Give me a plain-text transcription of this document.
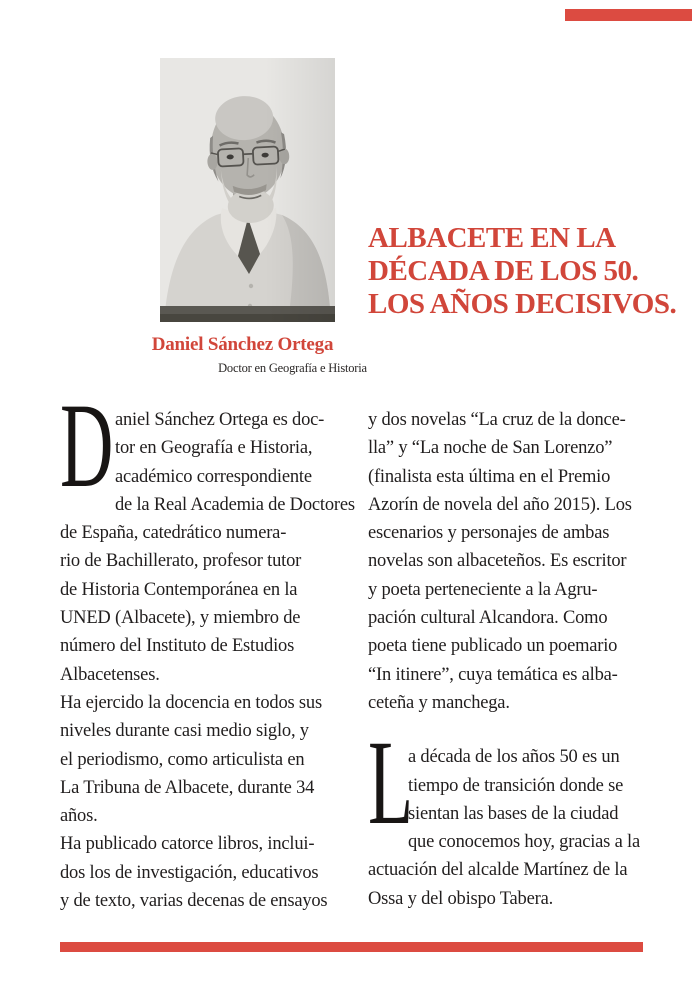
Daniel Sánchez Ortega
Doctor en Geografía e Historia
ALBACETE EN LA
DÉCADA DE LOS 50.
LOS AÑOS DECISIVOS.
D aniel Sánchez Ortega es doc-
tor en Geografía e Historia,
académico correspondiente
de la Real Academia de Doctores
de España, catedrático numera-
rio de Bachillerato, profesor tutor
de Historia Contemporánea en la
UNED (Albacete), y miembro de
número del Instituto de Estudios
Albacetenses.
Ha ejercido la docencia en todos sus
niveles durante casi medio siglo, y
el periodismo, como articulista en
La Tribuna de Albacete, durante 34
años.
Ha publicado catorce libros, inclui-
dos los de investigación, educativos
y de texto, varias decenas de ensayos
y dos novelas “La cruz de la donce-
lla” y “La noche de San Lorenzo”
(finalista esta última en el Premio
Azorín de novela del año 2015). Los
escenarios y personajes de ambas
novelas son albaceteños. Es escritor
y poeta perteneciente a la Agru-
pación cultural Alcandora. Como
poeta tiene publicado un poemario
“In itinere”, cuya temática es alba-
ceteña y manchega.
L
a década de los años 50 es un
tiempo de transición donde se
sientan las bases de la ciudad
que conocemos hoy, gracias a la
actuación del alcalde Martínez de la
Ossa y del obispo Tabera.
